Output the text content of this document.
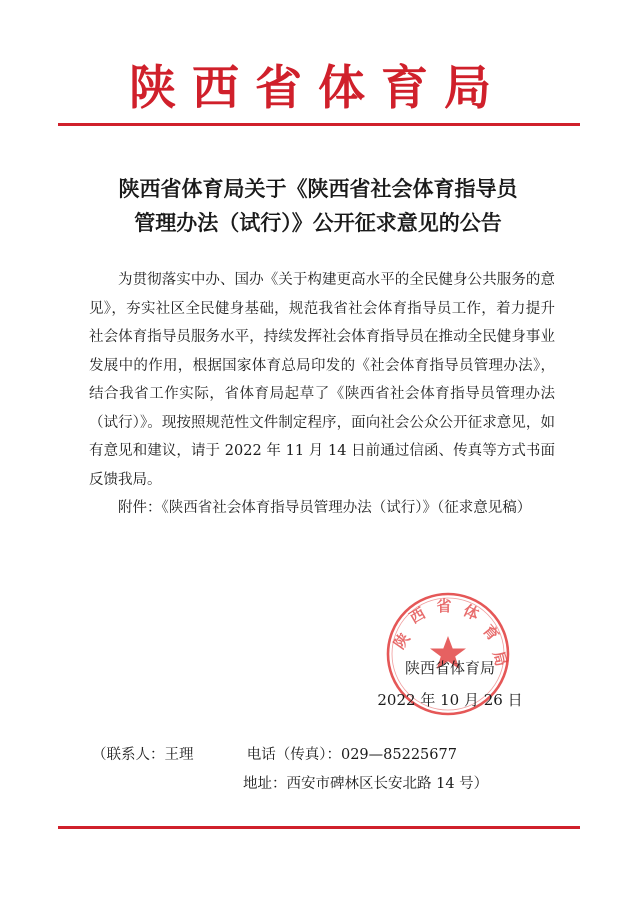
陕西省体育局
陕西省体育局关于《陕西省社会体育指导员
管理办法（试行）》公开征求意见的公告

为贯彻落实中办、国办《关于构建更高水平的全民健身公共服务的意见》，夯实社区全民健身基础，规范我省社会体育指导员工作，着力提升社会体育指导员服务水平，持续发挥社会体育指导员在推动全民健身事业发展中的作用，根据国家体育总局印发的《社会体育指导员管理办法》，结合我省工作实际，省体育局起草了《陕西省社会体育指导员管理办法（试行）》。现按照规范性文件制定程序，面向社会公众公开征求意见，如有意见和建议，请于 2022 年 11 月 14 日前通过信函、传真等方式书面反馈我局。

附件：《陕西省社会体育指导员管理办法（试行）》（征求意见稿）

陕
西 省 体
育
局
陕西省体育局
2022 年 10 月 26 日
（联系人：王理	电话（传真）：029—85225677
地址：西安市碑林区长安北路 14 号）
